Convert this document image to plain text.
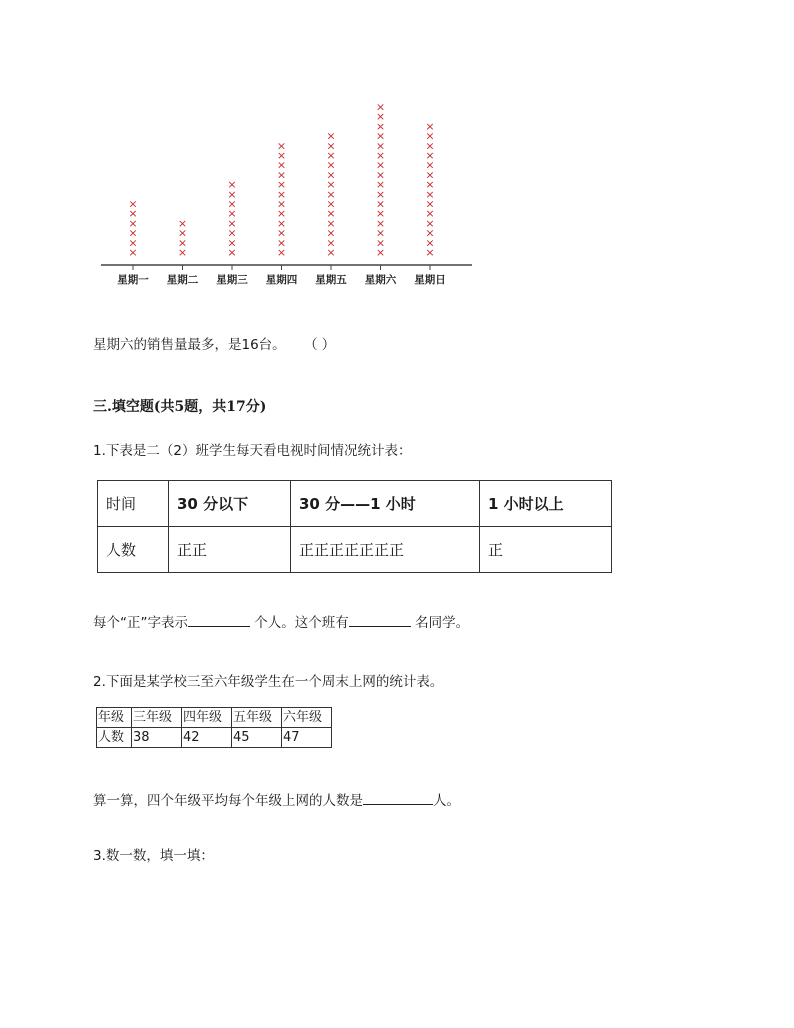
星期一
×
×
×
×
×
×
星期二
×
×
×
×
星期三
×
×
×
×
×
×
×
×
星期四
×
×
×
×
×
×
×
×
×
×
×
×
星期五
×
×
×
×
×
×
×
×
×
×
×
×
×
星期六
×
×
×
×
×
×
×
×
×
×
×
×
×
×
×
×
星期日
×
×
×
×
×
×
×
×
×
×
×
×
×
×
星期六的销售量最多，是16台。 （ ）
三.填空题(共5题，共17分)
1.下表是二（2）班学生每天看电视时间情况统计表：
时间	30 分以下	30 分——1 小时	1 小时以上
人数	正正	正正正正正正正	正
每个“正”字表示	个人。这个班有	名同学。
2.下面是某学校三至六年级学生在一个周末上网的统计表。
年级	三年级	四年级	五年级	六年级
人数	38	42	45	47
算一算，四个年级平均每个年级上网的人数是	人。
3.数一数，填一填：
